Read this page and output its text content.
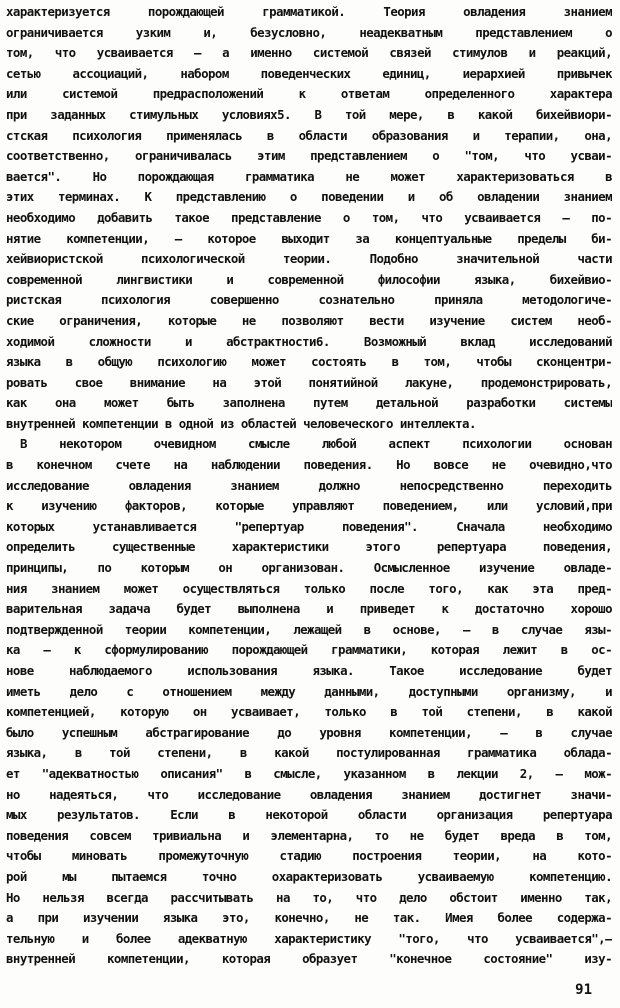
характеризуется порождающей грамматикой. Теория овладения знанием
ограничивается узким и, безусловно, неадекватным представлением о
том, что усваивается – а именно системой связей стимулов и реакций,
сетью ассоциаций, набором поведенческих единиц, иерархией привычек
или системой предрасположений к ответам определенного характера
при заданных стимульных условиях5. В той мере, в какой бихейвиори-
стская психология применялась в области образования и терапии, она,
соответственно, ограничивалась этим представлением о "том, что усваи-
вается". Но порождающая грамматика не может характеризоваться в
этих терминах. К представлению о поведении и об овладении знанием
необходимо добавить такое представление о том, что усваивается – по-
нятие компетенции, – которое выходит за концептуальные пределы би-
хейвиористской психологической теории. Подобно значительной части
современной лингвистики и современной философии языка, бихейвио-
ристская психология совершенно сознательно приняла методологиче-
ские ограничения, которые не позволяют вести изучение систем необ-
ходимой сложности и абстрактности6. Возможный вклад исследований
языка в общую психологию может состоять в том, чтобы сконцентри-
ровать свое внимание на этой понятийной лакуне, продемонстрировать,
как она может быть заполнена путем детальной разработки системы
внутренней компетенции в одной из областей человеческого интеллекта.
В некотором очевидном смысле любой аспект психологии основан
в конечном счете на наблюдении поведения. Но вовсе не очевидно,что
исследование овладения знанием должно непосредственно переходить
к изучению факторов, которые управляют поведением, или условий,при
которых устанавливается "репертуар поведения". Сначала необходимо
определить существенные характеристики этого репертуара поведения,
принципы, по которым он организован. Осмысленное изучение овладе-
ния знанием может осуществляться только после того, как эта пред-
варительная задача будет выполнена и приведет к достаточно хорошо
подтвержденной теории компетенции, лежащей в основе, – в случае язы-
ка – к сформулированию порождающей грамматики, которая лежит в ос-
нове наблюдаемого использования языка. Такое исследование будет
иметь дело с отношением между данными, доступными организму, и
компетенцией, которую он усваивает, только в той степени, в какой
было успешным абстрагирование до уровня компетенции, – в случае
языка, в той степени, в какой постулированная грамматика облада-
ет "адекватностью описания" в смысле, указанном в лекции 2, – мож-
но надеяться, что исследование овладения знанием достигнет значи-
мых результатов. Если в некоторой области организация репертуара
поведения совсем тривиальна и элементарна, то не будет вреда в том,
чтобы миновать промежуточную стадию построения теории, на кото-
рой мы пытаемся точно охарактеризовать усваиваемую компетенцию.
Но нельзя всегда рассчитывать на то, что дело обстоит именно так,
а при изучении языка это, конечно, не так. Имея более содержа-
тельную и более адекватную характеристику "того, что усваивается",–
внутренней компетенции, которая образует "конечное состояние" изу-
91
